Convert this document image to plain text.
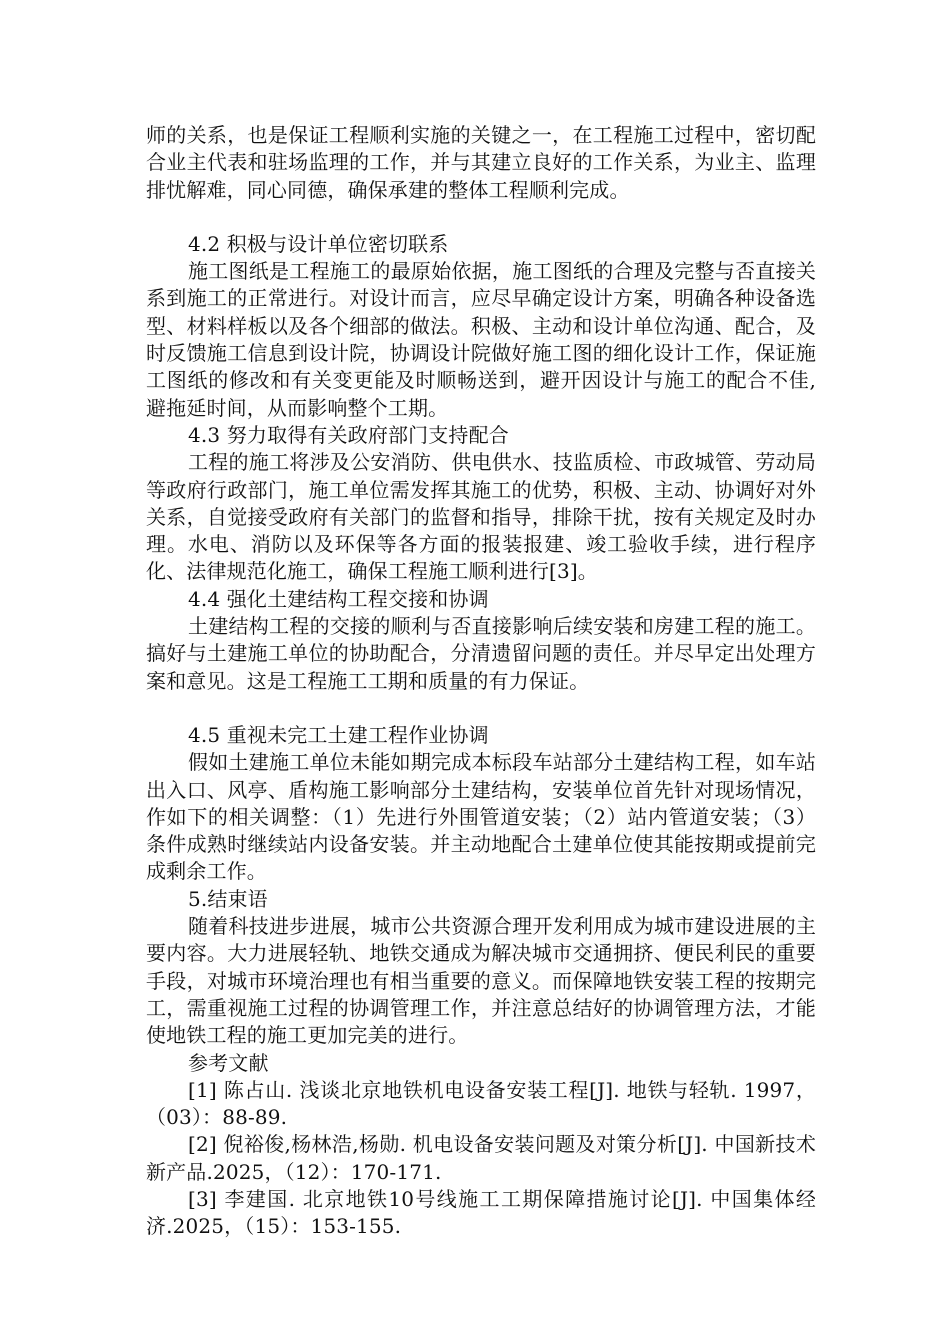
师的关系，也是保证工程顺利实施的关键之一，在工程施工过程中，密切配合业主代表和驻场监理的工作，并与其建立良好的工作关系，为业主、监理排忧解难，同心同德，确保承建的整体工程顺利完成。

4.2 积极与设计单位密切联系

施工图纸是工程施工的最原始依据，施工图纸的合理及完整与否直接关系到施工的正常进行。对设计而言，应尽早确定设计方案，明确各种设备选型、材料样板以及各个细部的做法。积极、主动和设计单位沟通、配合，及时反馈施工信息到设计院，协调设计院做好施工图的细化设计工作，保证施工图纸的修改和有关变更能及时顺畅送到，避开因设计与施工的配合不佳,避拖延时间，从而影响整个工期。

4.3 努力取得有关政府部门支持配合

工程的施工将涉及公安消防、供电供水、技监质检、市政城管、劳动局等政府行政部门，施工单位需发挥其施工的优势，积极、主动、协调好对外关系，自觉接受政府有关部门的监督和指导，排除干扰，按有关规定及时办理。水电、消防以及环保等各方面的报装报建、竣工验收手续，进行程序化、法律规范化施工，确保工程施工顺利进行[3]。

4.4 强化土建结构工程交接和协调

土建结构工程的交接的顺利与否直接影响后续安装和房建工程的施工。搞好与土建施工单位的协助配合，分清遗留问题的责任。并尽早定出处理方案和意见。这是工程施工工期和质量的有力保证。

4.5 重视未完工土建工程作业协调

假如土建施工单位未能如期完成本标段车站部分土建结构工程，如车站出入口、风亭、盾构施工影响部分土建结构，安装单位首先针对现场情况，作如下的相关调整：（1）先进行外围管道安装；（2）站内管道安装；（3）条件成熟时继续站内设备安装。并主动地配合土建单位使其能按期或提前完成剩余工作。

5.结束语

随着科技进步进展，城市公共资源合理开发利用成为城市建设进展的主要内容。大力进展轻轨、地铁交通成为解决城市交通拥挤、便民利民的重要手段，对城市环境治理也有相当重要的意义。而保障地铁安装工程的按期完工，需重视施工过程的协调管理工作，并注意总结好的协调管理方法，才能使地铁工程的施工更加完美的进行。

参考文献

[1] 陈占山. 浅谈北京地铁机电设备安装工程[J]. 地铁与轻轨. 1997，（03）：88-89.

[2] 倪裕俊,杨林浩,杨勋. 机电设备安装问题及对策分析[J]. 中国新技术新产品.2025，（12）：170-171.

[3] 李建国. 北京地铁10号线施工工期保障措施讨论[J]. 中国集体经济.2025，（15）：153-155.
